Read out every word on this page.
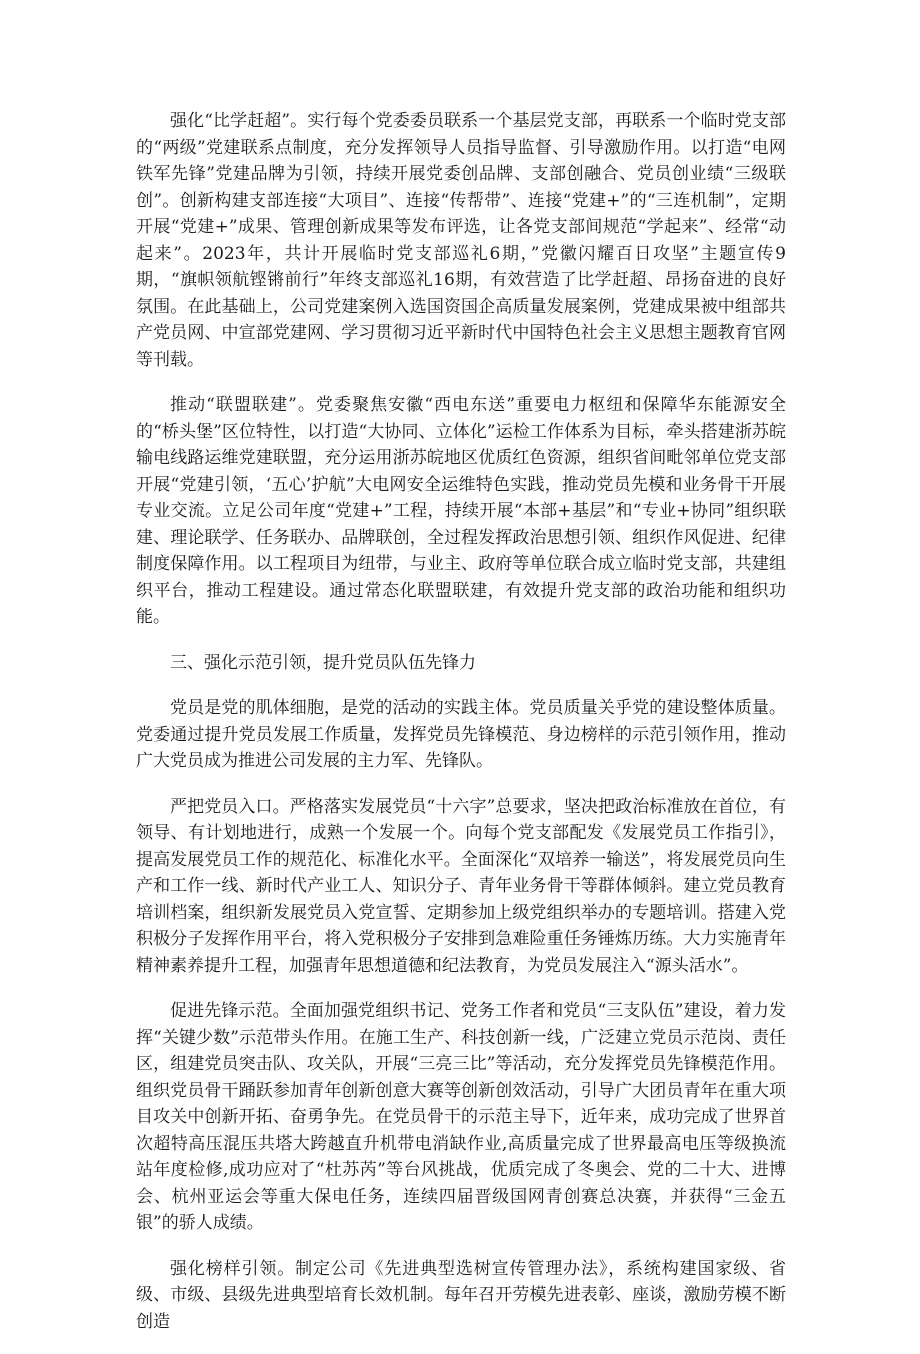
强化“比学赶超”。实行每个党委委员联系一个基层党支部，再联系一个临时党支部的“两级”党建联系点制度，充分发挥领导人员指导监督、引导激励作用。以打造“电网铁军先锋”党建品牌为引领，持续开展党委创品牌、支部创融合、党员创业绩“三级联创”。创新构建支部连接“大项目”、连接“传帮带”、连接“党建+”的“三连机制”，定期开展“党建+”成果、管理创新成果等发布评选，让各党支部间规范“学起来”、经常“动起来”。2023年，共计开展临时党支部巡礼6期，”党徽闪耀百日攻坚”主题宣传9期，“旗帜领航铿锵前行”年终支部巡礼16期，有效营造了比学赶超、昂扬奋进的良好氛围。在此基础上，公司党建案例入选国资国企高质量发展案例，党建成果被中组部共产党员网、中宣部党建网、学习贯彻习近平新时代中国特色社会主义思想主题教育官网等刊载。

推动“联盟联建”。党委聚焦安徽“西电东送”重要电力枢纽和保障华东能源安全的“桥头堡”区位特性，以打造“大协同、立体化”运检工作体系为目标，牵头搭建浙苏皖输电线路运维党建联盟，充分运用浙苏皖地区优质红色资源，组织省间毗邻单位党支部开展“党建引领，‘五心’护航”大电网安全运维特色实践，推动党员先模和业务骨干开展专业交流。立足公司年度“党建+”工程，持续开展“本部+基层”和“专业+协同”组织联建、理论联学、任务联办、品牌联创，全过程发挥政治思想引领、组织作风促进、纪律制度保障作用。以工程项目为纽带，与业主、政府等单位联合成立临时党支部，共建组织平台，推动工程建设。通过常态化联盟联建，有效提升党支部的政治功能和组织功能。

三、强化示范引领，提升党员队伍先锋力

党员是党的肌体细胞，是党的活动的实践主体。党员质量关乎党的建设整体质量。党委通过提升党员发展工作质量，发挥党员先锋模范、身边榜样的示范引领作用，推动广大党员成为推进公司发展的主力军、先锋队。

严把党员入口。严格落实发展党员“十六字”总要求，坚决把政治标准放在首位，有领导、有计划地进行，成熟一个发展一个。向每个党支部配发《发展党员工作指引》，提高发展党员工作的规范化、标准化水平。全面深化“双培养一输送”，将发展党员向生产和工作一线、新时代产业工人、知识分子、青年业务骨干等群体倾斜。建立党员教育培训档案，组织新发展党员入党宣誓、定期参加上级党组织举办的专题培训。搭建入党积极分子发挥作用平台，将入党积极分子安排到急难险重任务锤炼历练。大力实施青年精神素养提升工程，加强青年思想道德和纪法教育，为党员发展注入“源头活水”。

促进先锋示范。全面加强党组织书记、党务工作者和党员“三支队伍”建设，着力发挥“关键少数”示范带头作用。在施工生产、科技创新一线，广泛建立党员示范岗、责任区，组建党员突击队、攻关队，开展“三亮三比”等活动，充分发挥党员先锋模范作用。组织党员骨干踊跃参加青年创新创意大赛等创新创效活动，引导广大团员青年在重大项目攻关中创新开拓、奋勇争先。在党员骨干的示范主导下，近年来，成功完成了世界首次超特高压混压共塔大跨越直升机带电消缺作业,高质量完成了世界最高电压等级换流站年度检修,成功应对了“杜苏芮”等台风挑战，优质完成了冬奥会、党的二十大、进博会、杭州亚运会等重大保电任务，连续四届晋级国网青创赛总决赛，并获得“三金五银”的骄人成绩。

强化榜样引领。制定公司《先进典型选树宣传管理办法》，系统构建国家级、省级、市级、县级先进典型培育长效机制。每年召开劳模先进表彰、座谈，激励劳模不断创造
